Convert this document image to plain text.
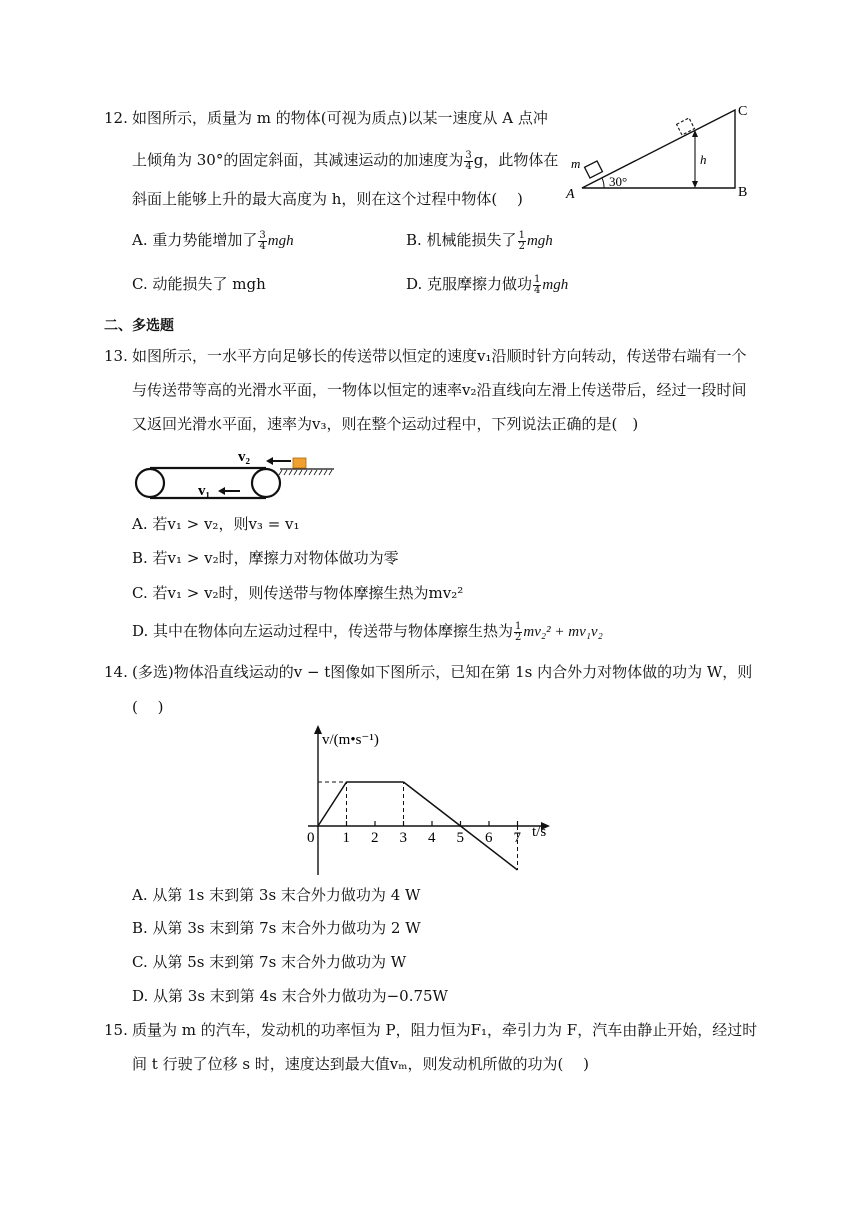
12. 如图所示，质量为 m 的物体(可视为质点)以某一速度从 A 点冲
上倾角为 30°的固定斜面，其减速运动的加速度为 $\frac{3}{4}$ g，此物体在
斜面上能够上升的最大高度为 h，则在这个过程中物体(　 )
C
A	B
m	h
30°
A. 重力势能增加了 $\frac{3}{4}$ mgh	B. 机械能损失了 $\frac{1}{2}$ mgh
C. 动能损失了 mgh	D. 克服摩擦力做功 $\frac{1}{4}$ mgh
二、多选题
13. 如图所示，一水平方向足够长的传送带以恒定的速度v₁沿顺时针方向转动，传送带右端有一个
与传送带等高的光滑水平面，一物体以恒定的速率v₂沿直线向左滑上传送带后，经过一段时间
又返回光滑水平面，速率为v₃，则在整个运动过程中，下列说法正确的是(　)
v₂
v₁
A. 若v₁ > v₂，则v₃ = v₁
B. 若v₁ > v₂时，摩擦力对物体做功为零
C. 若v₁ > v₂时，则传送带与物体摩擦生热为mv₂²
D. 其中在物体向左运动过程中，传送带与物体摩擦生热为 $\frac{1}{2} mv_2^2 + mv_1v_2$
14. (多选)物体沿直线运动的v − t图像如下图所示，已知在第 1s 内合外力对物体做的功为 W，则
(　 )
0 1 2 3 4 5 6 7
v/(m•s⁻¹)
t/s
A. 从第 1s 末到第 3s 末合外力做功为 4 W
B. 从第 3s 末到第 7s 末合外力做功为 2 W
C. 从第 5s 末到第 7s 末合外力做功为 W
D. 从第 3s 末到第 4s 末合外力做功为−0.75W
15. 质量为 m 的汽车，发动机的功率恒为 P，阻力恒为F₁，牵引力为 F，汽车由静止开始，经过时
间 t 行驶了位移 s 时，速度达到最大值vₘ，则发动机所做的功为(　 )
